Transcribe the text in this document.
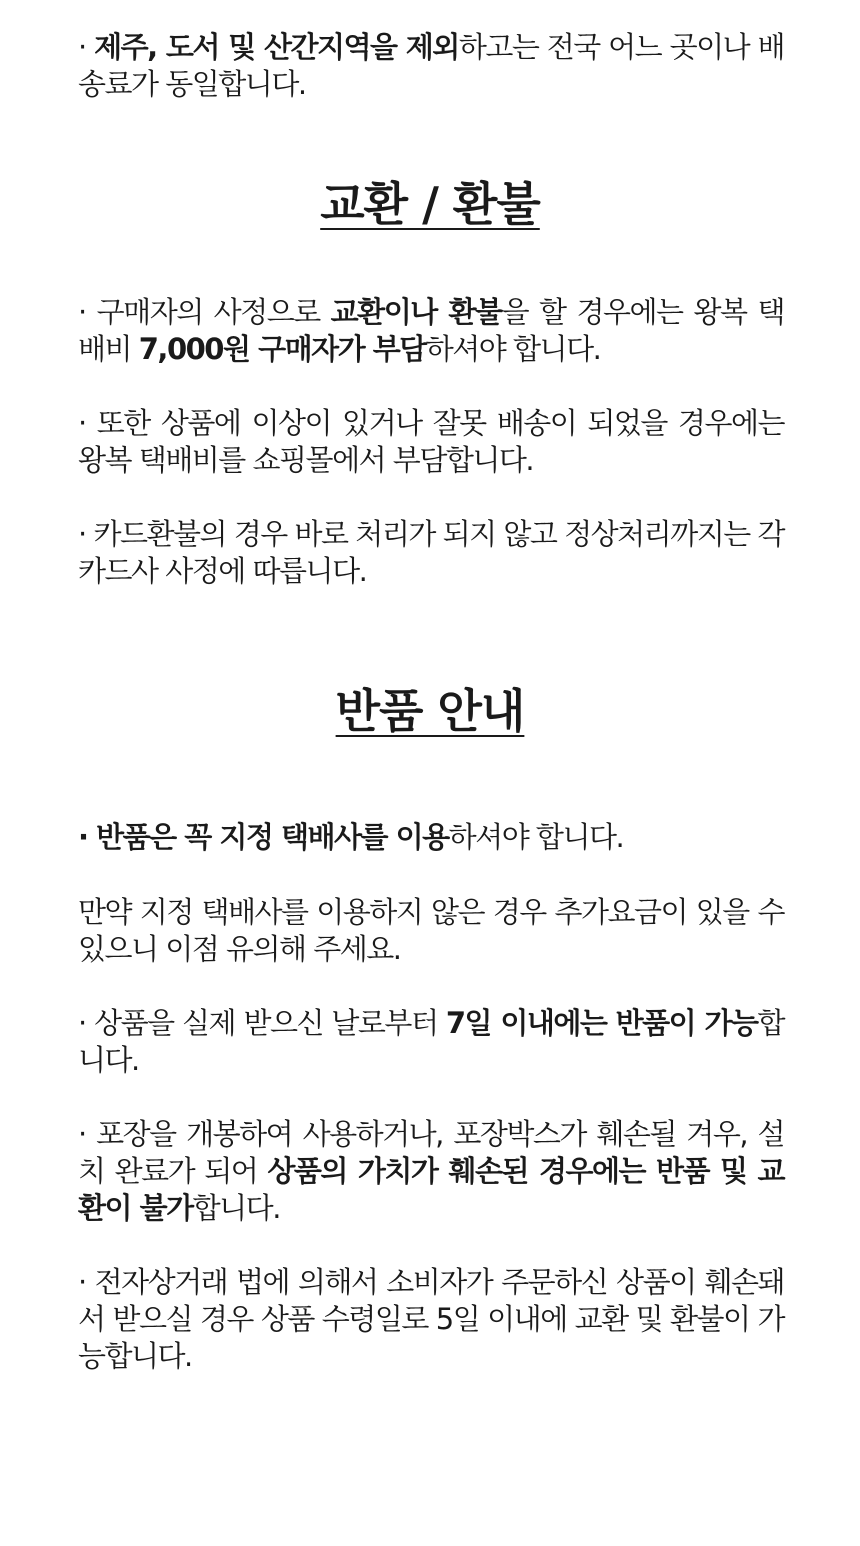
· 제주, 도서 및 산간지역을 제외하고는 전국 어느 곳이나 배송료가 동일합니다.

교환 / 환불

· 구매자의 사정으로 교환이나 환불을 할 경우에는 왕복 택배비 7,000원 구매자가 부담하셔야 합니다.

· 또한 상품에 이상이 있거나 잘못 배송이 되었을 경우에는 왕복 택배비를 쇼핑몰에서 부담합니다.

· 카드환불의 경우 바로 처리가 되지 않고 정상처리까지는 각 카드사 사정에 따릅니다.

반품 안내

· 반품은 꼭 지정 택배사를 이용하셔야 합니다.

만약 지정 택배사를 이용하지 않은 경우 추가요금이 있을 수 있으니 이점 유의해 주세요.

· 상품을 실제 받으신 날로부터 7일 이내에는 반품이 가능합니다.

· 포장을 개봉하여 사용하거나, 포장박스가 훼손될 겨우, 설치 완료가 되어 상품의 가치가 훼손된 경우에는 반품 및 교환이 불가합니다.

· 전자상거래 법에 의해서 소비자가 주문하신 상품이 훼손돼서 받으실 경우 상품 수령일로 5일 이내에 교환 및 환불이 가능합니다.
